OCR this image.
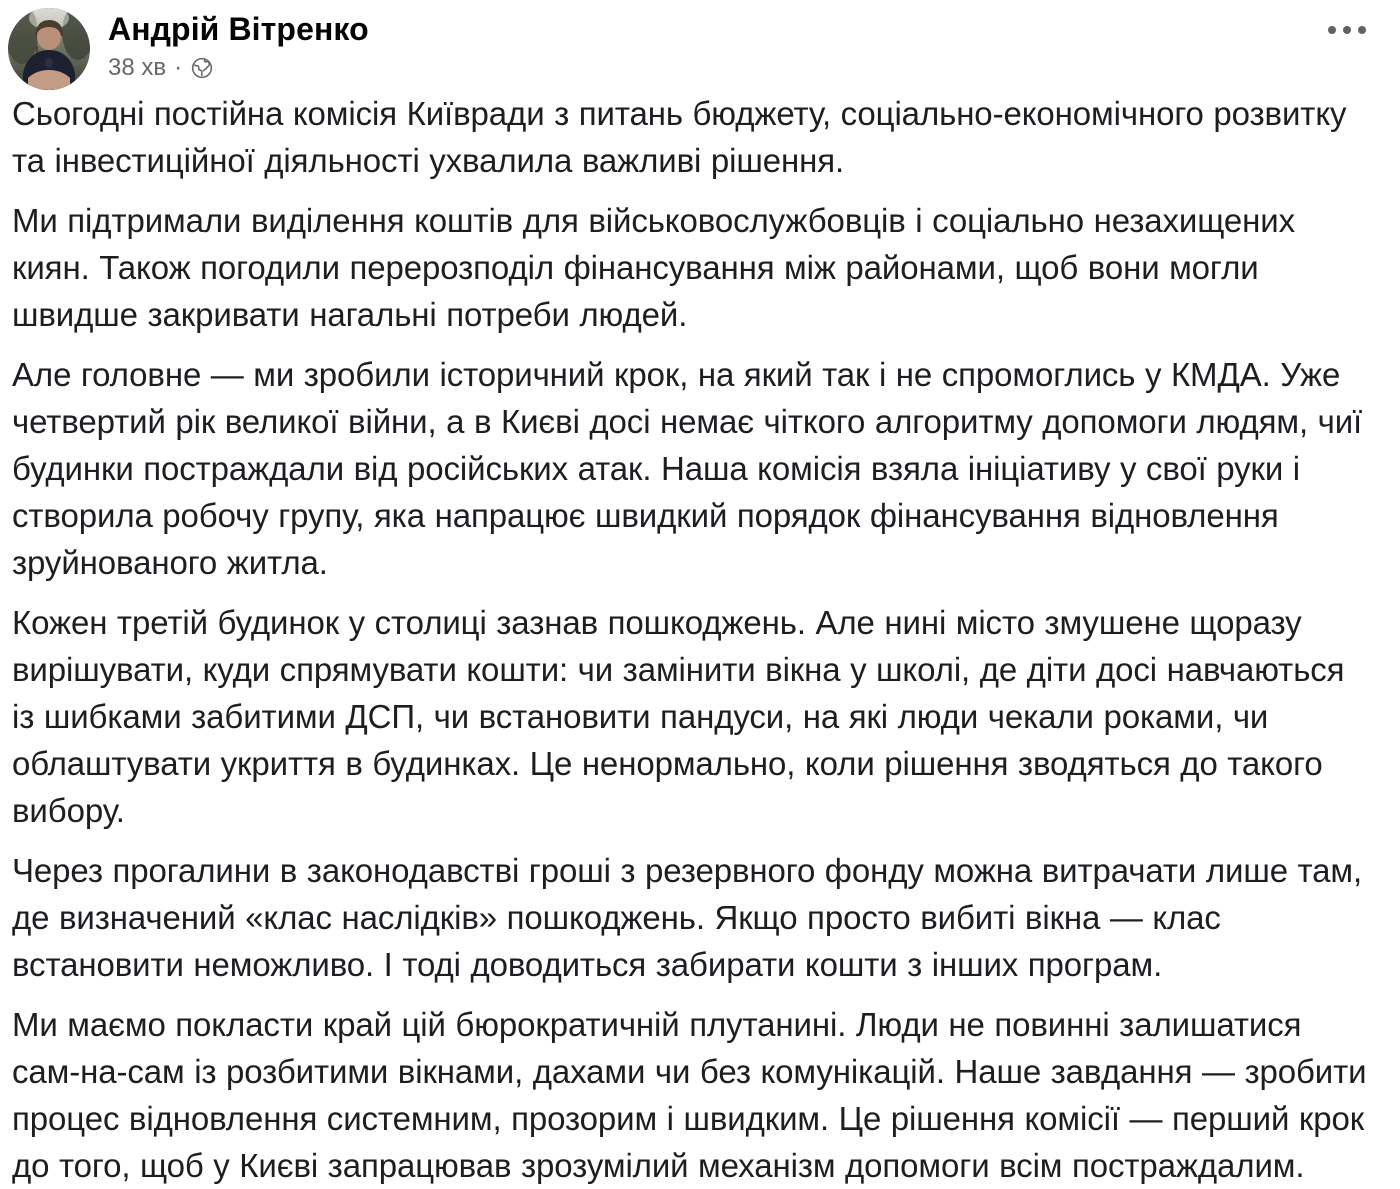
Андрій Вітренко
38 хв ·

Сьогодні постійна комісія Київради з питань бюджету, соціально-економічного розвитку та інвестиційної діяльності ухвалила важливі рішення.

Ми підтримали виділення коштів для військовослужбовців і соціально незахищених киян. Також погодили перерозподіл фінансування між районами, щоб вони могли швидше закривати нагальні потреби людей.

Але головне — ми зробили історичний крок, на який так і не спромоглись у КМДА. Уже четвертий рік великої війни, а в Києві досі немає чіткого алгоритму допомоги людям, чиї будинки постраждали від російських атак. Наша комісія взяла ініціативу у свої руки і створила робочу групу, яка напрацює швидкий порядок фінансування відновлення зруйнованого житла.

Кожен третій будинок у столиці зазнав пошкоджень. Але нині місто змушене щоразу вирішувати, куди спрямувати кошти: чи замінити вікна у школі, де діти досі навчаються із шибками забитими ДСП, чи встановити пандуси, на які люди чекали роками, чи облаштувати укриття в будинках. Це ненормально, коли рішення зводяться до такого вибору.

Через прогалини в законодавстві гроші з резервного фонду можна витрачати лише там, де визначений «клас наслідків» пошкоджень. Якщо просто вибиті вікна — клас встановити неможливо. І тоді доводиться забирати кошти з інших програм.

Ми маємо покласти край цій бюрократичній плутанині. Люди не повинні залишатися сам-на-сам із розбитими вікнами, дахами чи без комунікацій. Наше завдання — зробити процес відновлення системним, прозорим і швидким. Це рішення комісії — перший крок до того, щоб у Києві запрацював зрозумілий механізм допомоги всім постраждалим.
